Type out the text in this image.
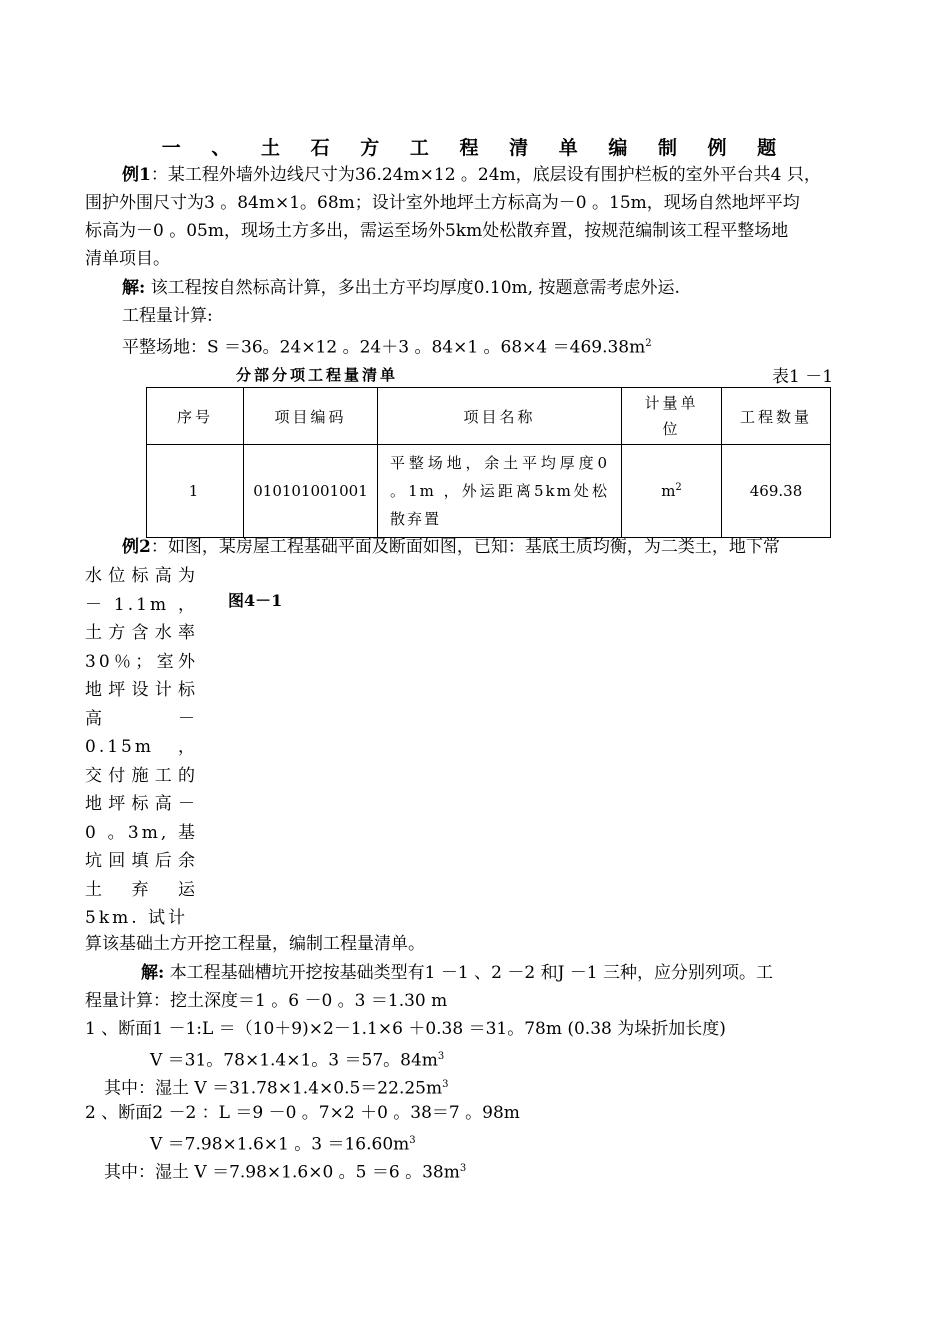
一 、 土 石 方 工 程 清 单 编 制 例 题
例1：某工程外墙外边线尺寸为36.24m×12 。24m，底层设有围护栏板的室外平台共4 只，
围护外围尺寸为3 。84m×1。68m；设计室外地坪土方标高为－0 。15m，现场自然地坪平均
标高为－0 。05m，现场土方多出，需运至场外5km处松散弃置，按规范编制该工程平整场地
清单项目。
解: 该工程按自然标高计算，多出土方平均厚度0.10m, 按题意需考虑外运.
工程量计算:
平整场地：S ＝36。24×12 。24＋3 。84×1 。$68\times 4 =469.38m^2$
分部分项工程量清单	表1 －1
序号	项目编码	项目名称	计量单位	工程数量
1	010101001001	平整场地，余土平均厚度0 。1m ，外运距离5km处松散弃置	$m^2$	469.38
例2：如图，某房屋工程基础平面及断面如图，已知：基底土质均衡，为二类土，地下常
水位标高为－ 1.1m ，土方含水率30％；室外地坪设计标高 －0.15m ，交付施工的地坪标高－0 。3m, 基坑回填后余土弃运5km. 试计
图4－1
算该基础土方开挖工程量，编制工程量清单。
解: 本工程基础槽坑开挖按基础类型有1 －1 、2 －2 和J －1 三种，应分别列项。工
程量计算：挖土深度＝1 。6 －0 。3 ＝1.30 m
1 、断面1 －1:L ＝（10＋9)×2－1.1×6 ＋0.38 ＝31。78m (0.38 为垛折加长度)
V ＝31。78×1.4×1。3 ＝57。$84m^3$
其中：湿土 $V =31.78\times 1.4\times 0.5=22.25m^3$
2 、断面2 －2 ：L ＝9 －0 。7×2 ＋0 。38＝7 。98m
V ＝7.98×1.6×1 。$3 =16.60m^3$
其中：湿土 V ＝7.98×1.6×0 。5 ＝6 。$38m^3$
